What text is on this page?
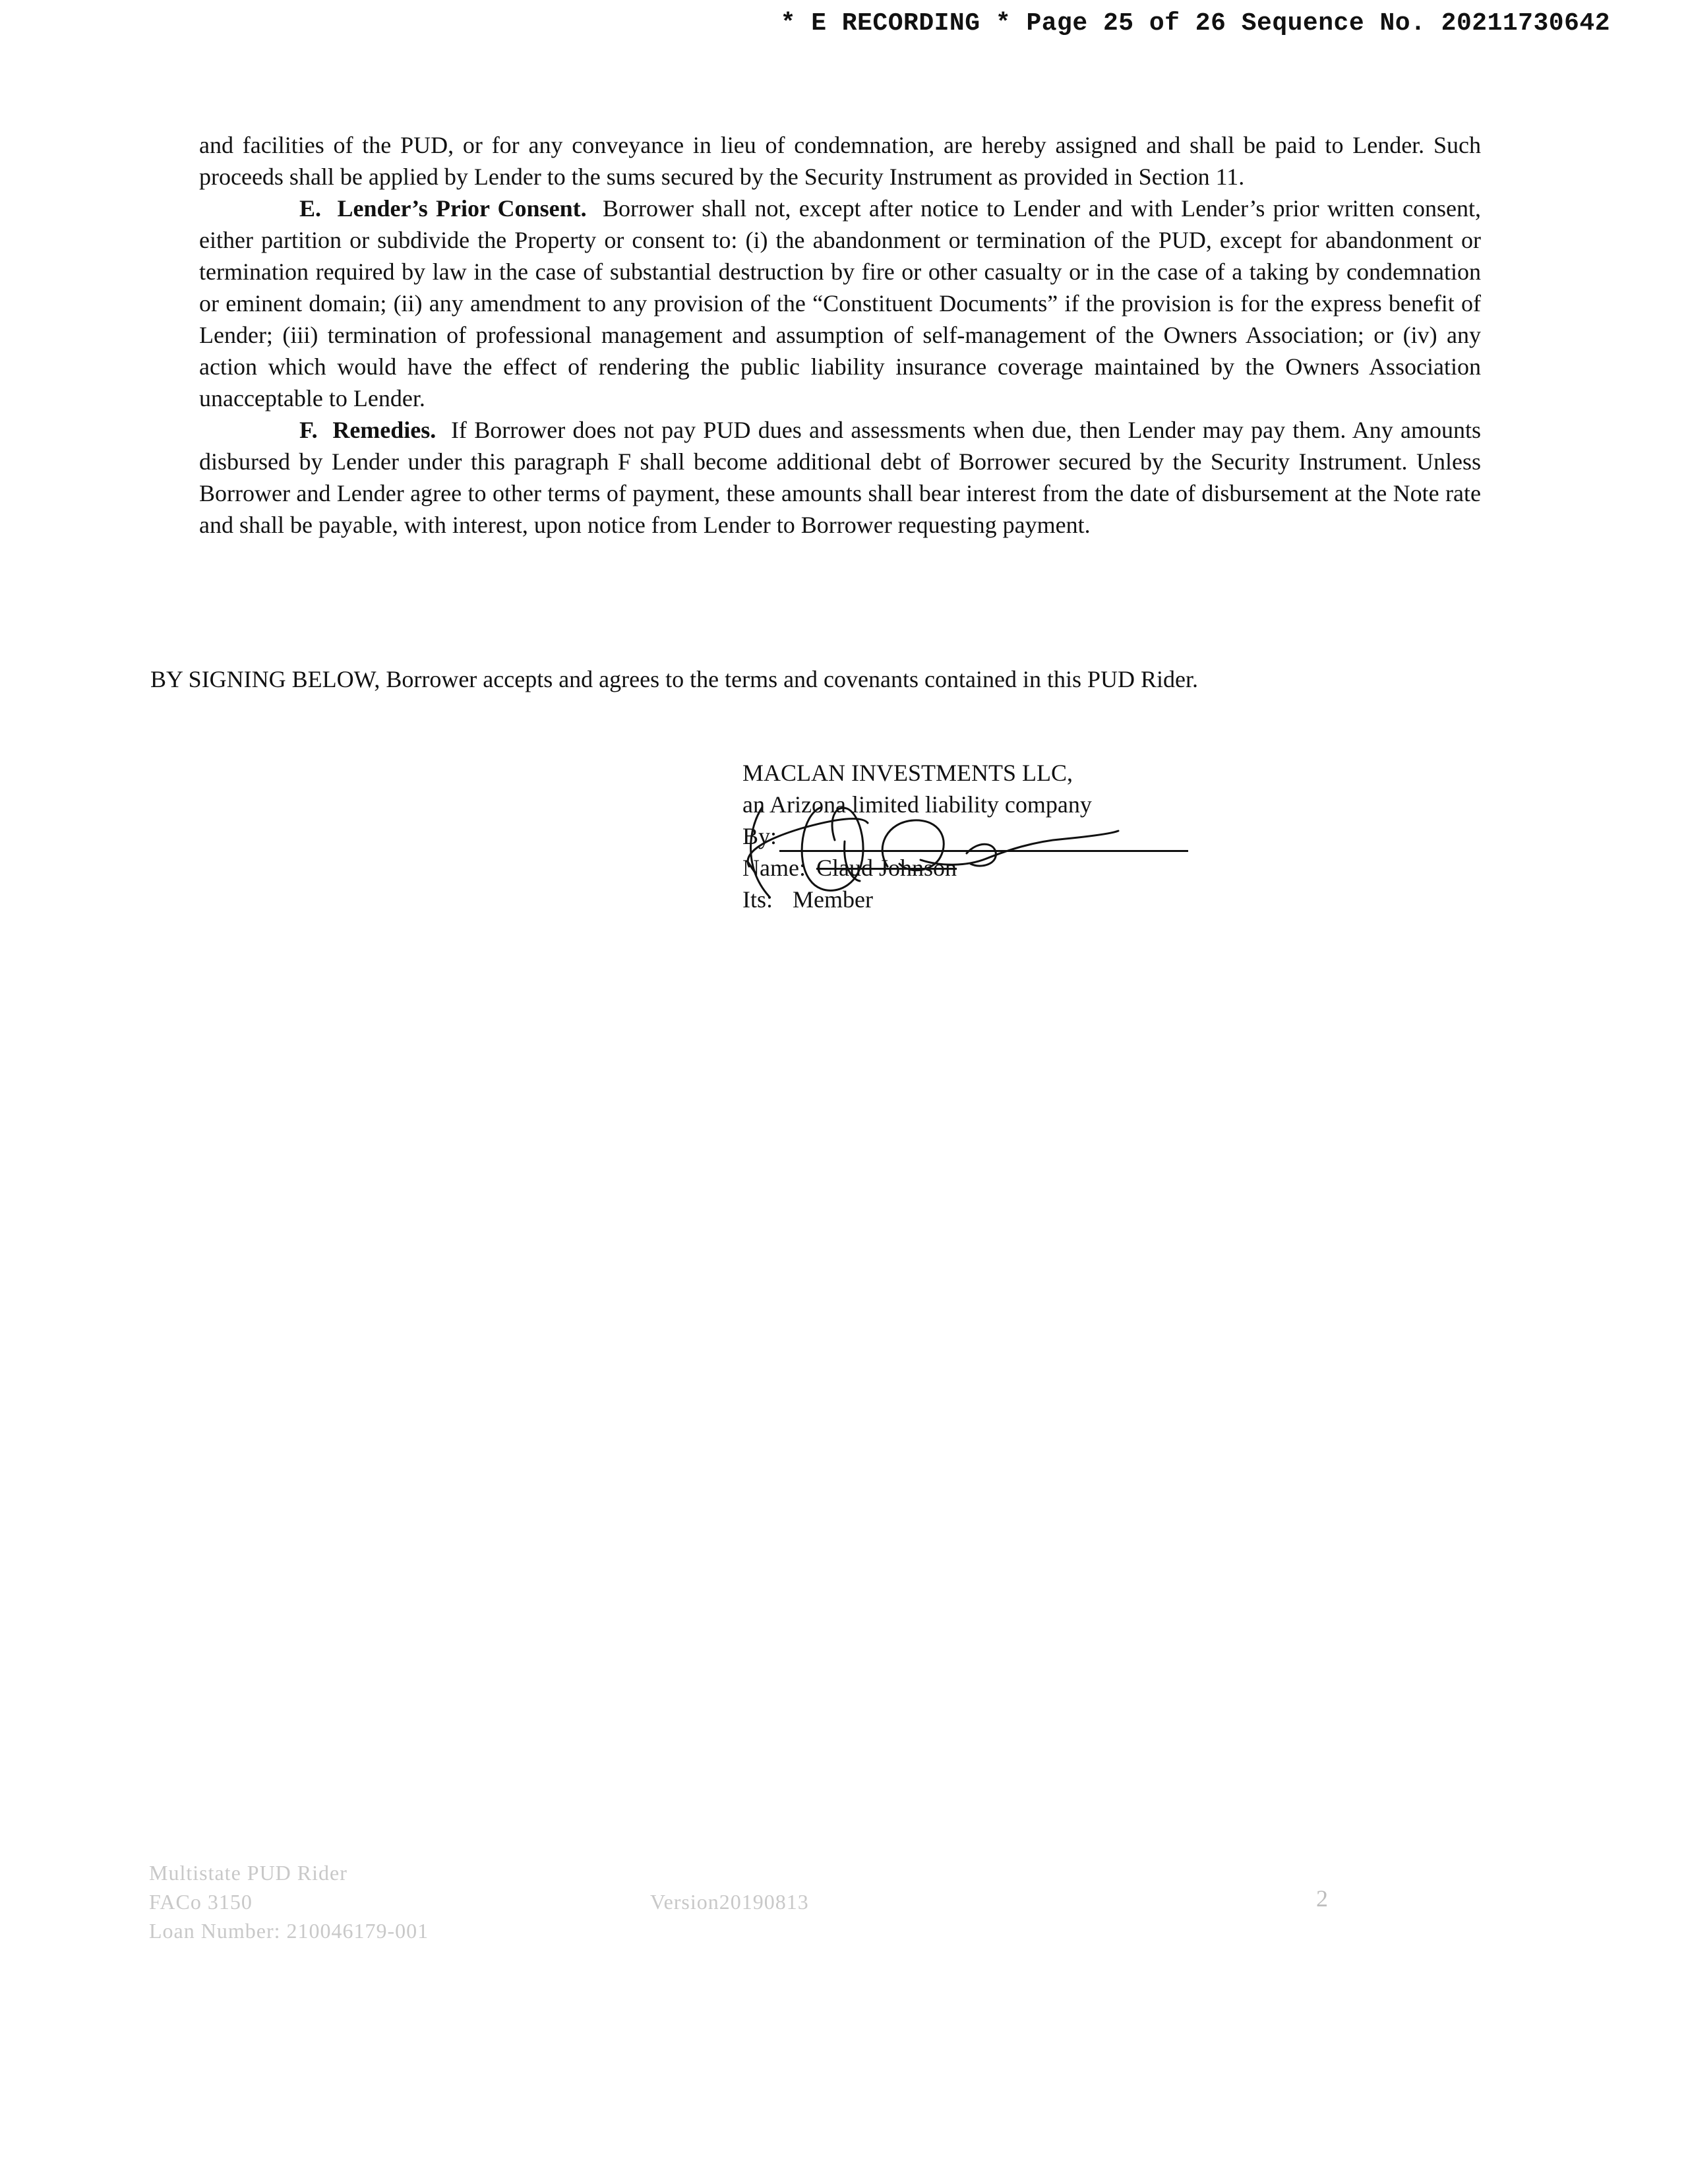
* E RECORDING * Page 25 of 26 Sequence No. 20211730642

and facilities of the PUD, or for any conveyance in lieu of condemnation, are hereby assigned and shall be paid to Lender. Such proceeds shall be applied by Lender to the sums secured by the Security Instrument as provided in Section 11.

E. Lender’s Prior Consent. Borrower shall not, except after notice to Lender and with Lender’s prior written consent, either partition or subdivide the Property or consent to: (i) the abandonment or termination of the PUD, except for abandonment or termination required by law in the case of substantial destruction by fire or other casualty or in the case of a taking by condemnation or eminent domain; (ii) any amendment to any provision of the “Constituent Documents” if the provision is for the express benefit of Lender; (iii) termination of professional management and assumption of self-management of the Owners Association; or (iv) any action which would have the effect of rendering the public liability insurance coverage maintained by the Owners Association unacceptable to Lender.

F. Remedies. If Borrower does not pay PUD dues and assessments when due, then Lender may pay them. Any amounts disbursed by Lender under this paragraph F shall become additional debt of Borrower secured by the Security Instrument. Unless Borrower and Lender agree to other terms of payment, these amounts shall bear interest from the date of disbursement at the Note rate and shall be payable, with interest, upon notice from Lender to Borrower requesting payment.

BY SIGNING BELOW, Borrower accepts and agrees to the terms and covenants contained in this PUD Rider.
MACLAN INVESTMENTS LLC,
an Arizona limited liability company
By:
Name: Claud Johnson
Its: Member
Multistate PUD Rider
FACo 3150
Loan Number: 210046179-001
Version20190813	2
